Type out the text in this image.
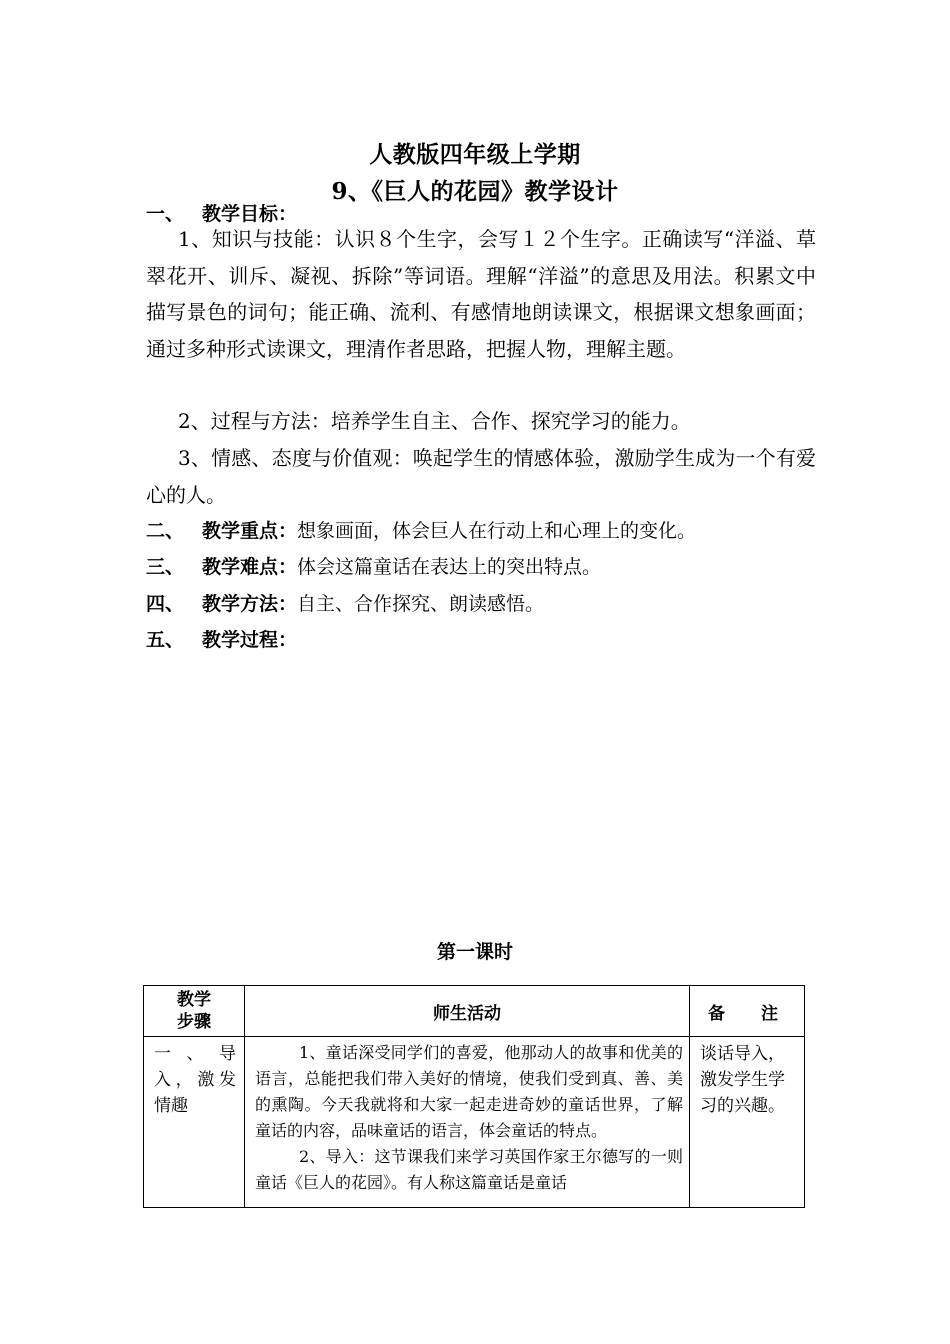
人教版四年级上学期
9、《巨人的花园》教学设计
一、 教学目标：
1、知识与技能：认识８个生字，会写１２个生字。正确读写“洋溢、草翠花开、训斥、凝视、拆除”等词语。理解“洋溢”的意思及用法。积累文中描写景色的词句；能正确、流利、有感情地朗读课文，根据课文想象画面；通过多种形式读课文，理清作者思路，把握人物，理解主题。
2、过程与方法：培养学生自主、合作、探究学习的能力。
3、情感、态度与价值观：唤起学生的情感体验，激励学生成为一个有爱心的人。
二、 教学重点：想象画面，体会巨人在行动上和心理上的变化。
三、 教学难点：体会这篇童话在表达上的突出特点。
四、 教学方法：自主、合作探究、朗读感悟。
五、 教学过程：
第一课时
教学
步骤	师生活动	备 注

一、导入，激发情趣	1、童话深受同学们的喜爱，他那动人的故事和优美的语言，总能把我们带入美好的情境，使我们受到真、善、美的熏陶。今天我就将和大家一起走进奇妙的童话世界，了解童话的内容，品味童话的语言，体会童话的特点。

2、导入：这节课我们来学习英国作家王尔德写的一则童话《巨人的花园》。有人称这篇童话是童话	谈话导入，激发学生学习的兴趣。
